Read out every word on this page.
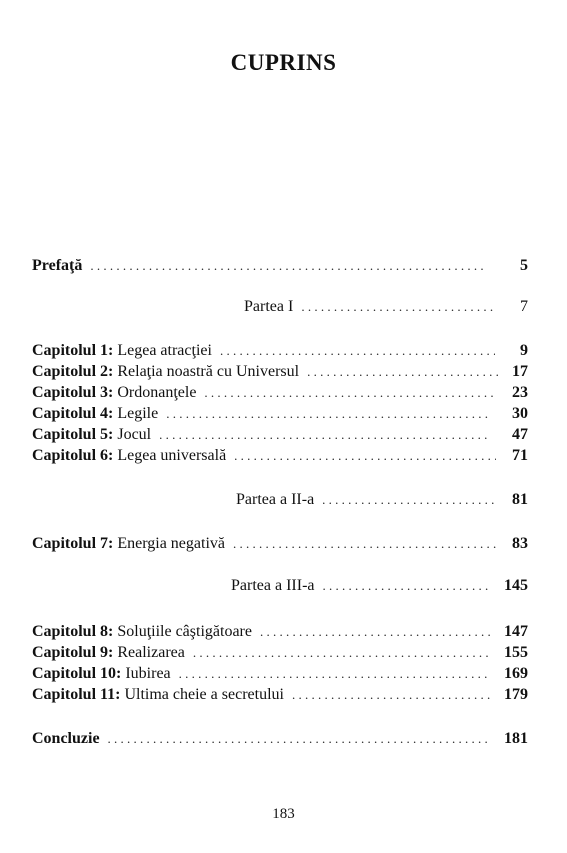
CUPRINS
Prefaţă . . .	5
Partea I . . .	7
Capitolul 1: Legea atracţiei . . .	9
Capitolul 2: Relaţia noastră cu Universul . . .	17
Capitolul 3: Ordonanţele . . .	23
Capitolul 4: Legile . . .	30
Capitolul 5: Jocul . . .	47
Capitolul 6: Legea universală . . .	71
Partea a II-a . . .	81
Capitolul 7: Energia negativă . . .	83
Partea a III-a . . .	145
Capitolul 8: Soluţiile câştigătoare . . .	147
Capitolul 9: Realizarea . . .	155
Capitolul 10: Iubirea . . .	169
Capitolul 11: Ultima cheie a secretului . . .	179
Concluzie . . .	181
183
